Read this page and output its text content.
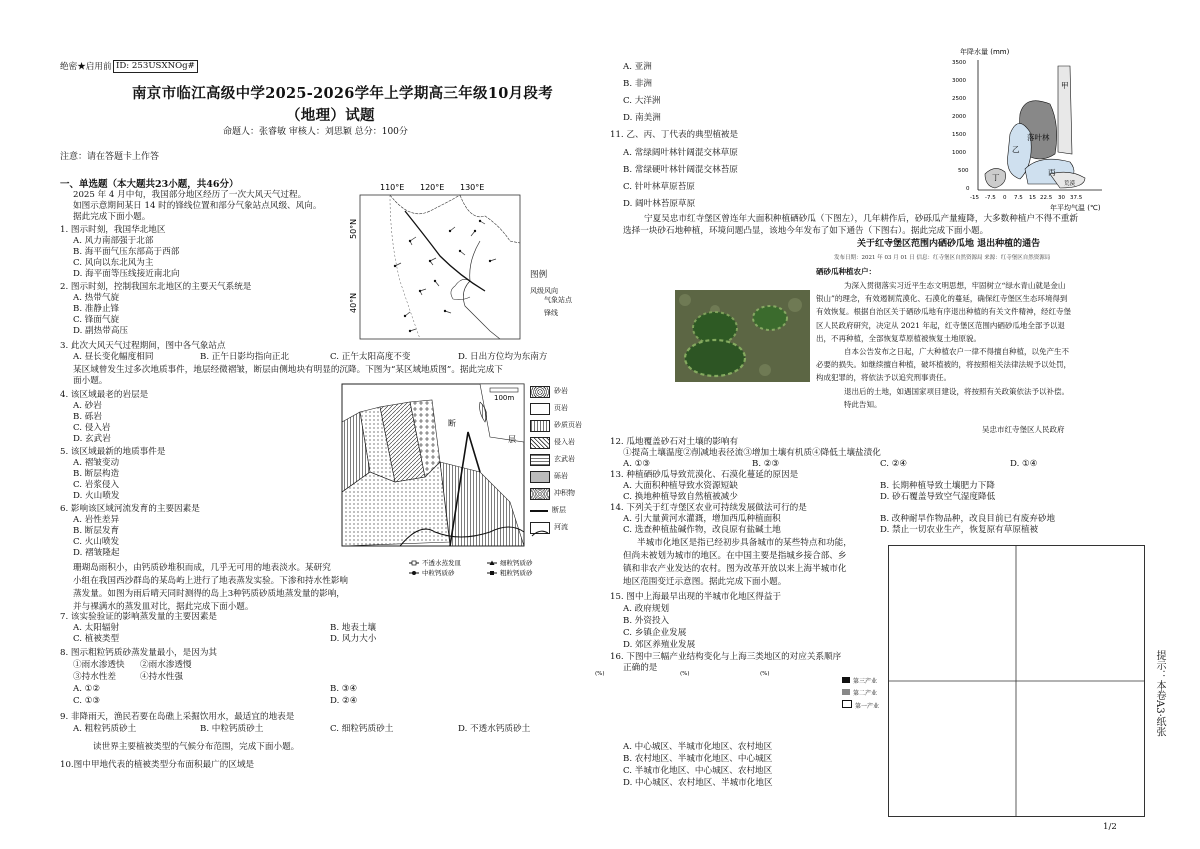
绝密★启用前 ID: 253USXNOg#
南京市临江高级中学2025-2026学年上学期高三年级10月段考
（地理）试题
命题人：张睿敏 审核人：刘思颖 总分：100分
注意：请在答题卡上作答
一、单选题（本大题共23小题，共46分）
2025 年 4 月中旬，我国部分地区经历了一次大风天气过程。
如图示意期间某日 14 时的锋线位置和部分气象站点风级、风向。
据此完成下面小题。
1. 图示时刻，我国华北地区
A. 风力南部强于北部
B. 海平面气压东部高于西部
C. 风向以东北风为主
D. 海平面等压线接近南北向
2. 图示时刻，控制我国东北地区的主要天气系统是
A. 热带气旋
B. 准静止锋
C. 锋面气旋
D. 副热带高压
3. 此次大风天气过程期间，图中各气象站点
A. 昼长变化幅度相同	B. 正午日影均指向正北	C. 正午太阳高度不变	D. 日出方位均为东南方
110°E 120°E 130°E
50°N
40°N
图例
风级风向
气象站点
锋线
某区域曾发生过多次地质事件，地层经微褶皱，断层由侧地块有明显的沉降。下图为“某区域地质图”。据此完成下
面小题。
4. 该区域最老的岩层是
A. 砂岩
B. 砾岩
C. 侵入岩
D. 玄武岩
5. 该区域最新的地质事件是
A. 褶皱变动
B. 断层构造
C. 岩浆侵入
D. 火山喷发
6. 影响该区域河流发育的主要因素是
A. 岩性差异
B. 断层发育
C. 火山喷发
D. 褶皱隆起
100m
断
层
砂岩
页岩
砂质页岩
侵入岩
玄武岩
砾岩
冲积物
断层
河流
珊瑚岛雨积小，由钙质砂堆积而成，几乎无可用的地表淡水。某研究
小组在我国西沙群岛的某岛屿上进行了地表蒸发实验。下渗和持水性影响
蒸发量。如图为雨后晴天同时测得的岛上3种钙质砂质地蒸发量的影响，
并与裸满水的蒸发皿对比，据此完成下面小题。
7. 该实验验证的影响蒸发量的主要因素是
A. 太阳辐射	B. 地表土壤
C. 植被类型	D. 风力大小
8. 图示粗粒钙质砂蒸发量最小，是因为其
①雨水渗透快 ②雨水渗透慢
③持水性差	④持水性强
A. ①②	B. ③④
C. ①③	D. ②④
9. 非降雨天，渔民若要在岛礁上采掘饮用水，最适宜的地表是
A. 粗粒钙质砂土	B. 中粒钙质砂土	C. 细粒钙质砂土	D. 不透水钙质砂土
读世界主要植被类型的气候分布范围，完成下面小题。
10.图中甲地代表的植被类型分布面积最广的区域是
不透水蒸发皿	细粒钙质砂
中粒钙质砂	粗粒钙质砂
A. 亚洲
B. 非洲
C. 大洋洲
D. 南美洲
11. 乙、丙、丁代表的典型植被是
A. 常绿阔叶林针阔混交林草原
B. 常绿硬叶林针阔混交林苔原
C. 针叶林草原苔原
D. 阔叶林苔原草原
年降水量 (mm)
3500
3000
2500
2000
1500
1000
500
0
-15 -7.5 0 7.5 15 22.5 30 37.5
年平均气温 (℃)
甲
落叶林
乙
丙
丁
荒漠
宁夏吴忠市红寺堡区曾连年大面积种植硒砂瓜（下图左），几年耕作后，砂砾瓜产量瘦降，大多数种植户不得不重新
选择一块砂石地种植，环境问题凸显，该地今年发布了如下通告（下图右）。据此完成下面小题。
关于红寺堡区范围内硒砂瓜地 退出种植的通告
发布日期：2021 年 03 月 01 日 信息：红寺堡区自然资源局 来源：红寺堡区自然资源局
硒砂瓜种植农户：
为深入贯彻落实习近平生态文明思想，牢固树立“绿水青山就是金山
银山”的理念，有效遏制荒漠化、石漠化的蔓延，确保红寺堡区生态环境得到
有效恢复。根据自治区关于硒砂瓜地有序退出种植的有关文件精神，经红寺堡
区人民政府研究，决定从 2021 年起，红寺堡区范围内硒砂瓜地全部予以退
出，不再种植，全部恢复草原植被恢复土地原貌。
自本公告发布之日起，广大种植农户一律不得擅自种植，以免产生不
必要的损失。如继续擅自种植，破坏植被的，将按照相关法律法规予以处罚，
构成犯罪的，将依法予以追究刑事责任。
退出后的土地，如遇国家项目建设，将按照有关政策依法予以补偿。
特此告知。
吴忠市红寺堡区人民政府
12. 瓜地覆盖砂石对土壤的影响有
①提高土壤温度②削减地表径流③增加土壤有机质④降低土壤盐渍化
A. ①③	B. ②③	C. ②④	D. ①④
13. 种植硒砂瓜导致荒漠化、石漠化蔓延的原因是
A. 大面积种植导致水资源短缺	B. 长期种植导致土壤肥力下降
C. 换地种植导致自然植被减少	D. 砂石覆盖导致空气湿度降低
14. 下列关于红寺堡区农业可持续发展做法可行的是
A. 引大量黄河水灌溉，增加西瓜种植面积	B. 改种耐旱作物品种，改良目前已有废弃砂地
C. 选查种植盐碱作物，改良原有盐碱土地	D. 禁止一切农业生产，恢复原有草原植被
半城市化地区是指已经初步具备城市的某些特点和功能，
但尚未被划为城市的地区。在中国主要是指城乡接合部、乡
镇和非农产业发达的农村。图为改革开放以来上海半城市化
地区范围变迁示意图。据此完成下面小题。
15. 图中上海最早出现的半城市化地区得益于
A. 政府规划
B. 外资投入
C. 乡镇企业发展
D. 郊区养殖业发展
16. 下图中三幅产业结构变化与上海三类地区的对应关系顺序
正确的是
(%)	(%)	(%)
第三产业
第二产业
第一产业
A. 中心城区、半城市化地区、农村地区
B. 农村地区、半城市化地区、中心城区
C. 半城市化地区、中心城区、农村地区
D. 中心城区、农村地区、半城市化地区
提示：本卷A3·纸张
1/2
